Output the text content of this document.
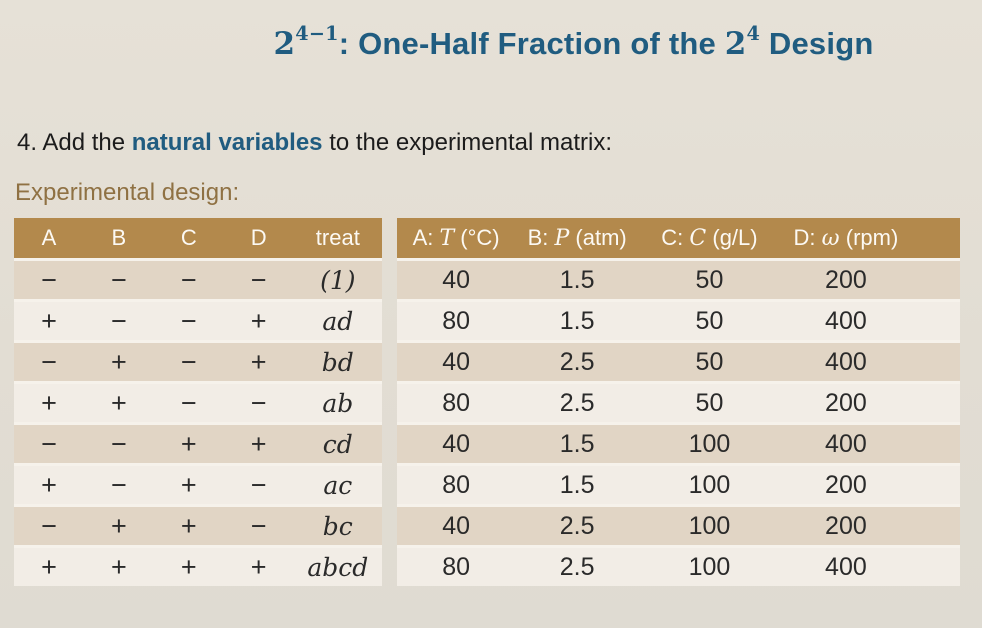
$2^{4-1}$: One-Half Fraction of the $2^4$ Design
4. Add the natural variables to the experimental matrix:
Experimental design:
A	B	C	D	treat
−	−	−	−	(1)
+	−	−	+	ad
−	+	−	+	bd
+	+	−	−	ab
−	−	+	+	cd
+	−	+	−	ac
−	+	+	−	bc
+	+	+	+	abcd
A: T (°C)	B: P (atm)	C: C (g/L)	D: ω (rpm)
40	1.5	50	200
80	1.5	50	400
40	2.5	50	400
80	2.5	50	200
40	1.5	100	400
80	1.5	100	200
40	2.5	100	200
80	2.5	100	400
